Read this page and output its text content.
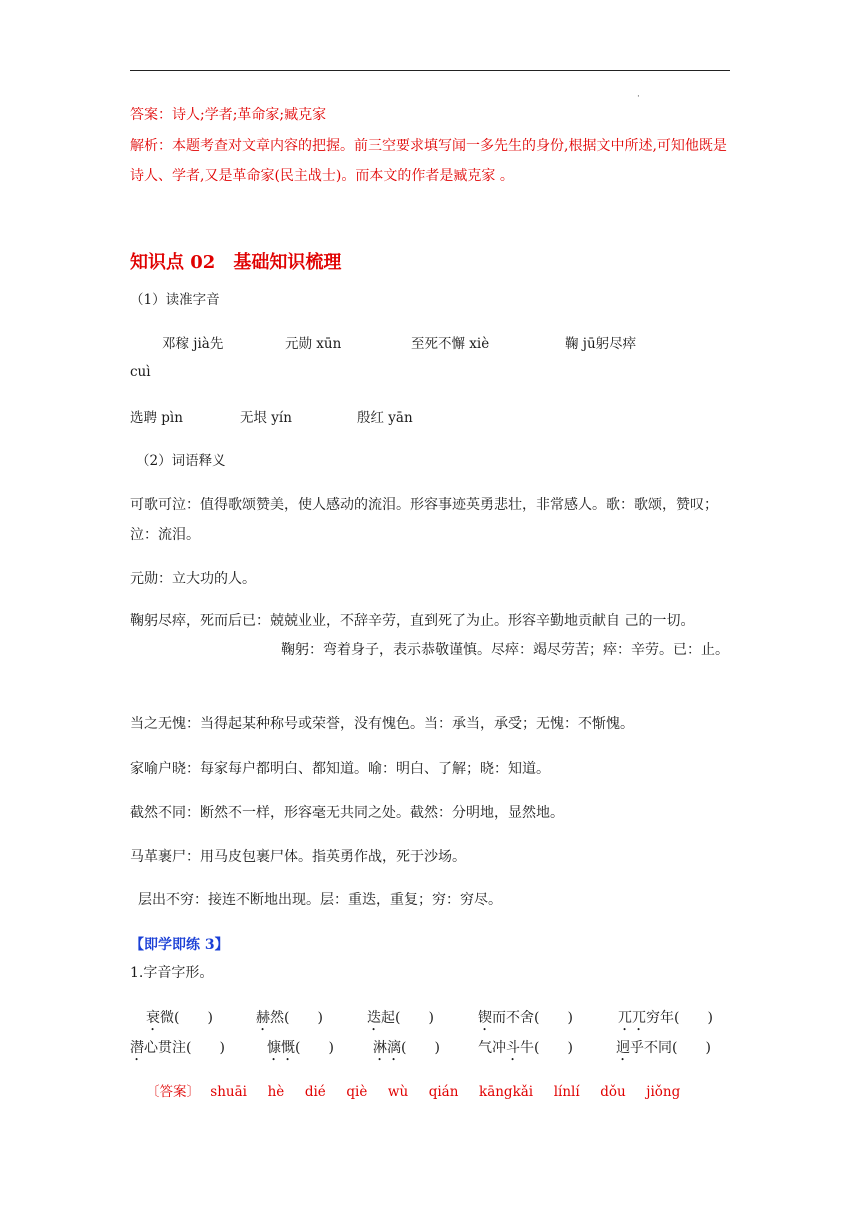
·
答案：诗人;学者;革命家;臧克家
解析：本题考查对文章内容的把握。前三空要求填写闻一多先生的身份,根据文中所述,可知他既是诗人、学者,又是革命家(民主战士)。而本文的作者是臧克家 。
知识点 02 基础知识梳理
（1）读准字音
邓稼 jià先	元勋 xūn	至死不懈 xiè	鞠 jū躬尽瘁
cuì
选聘 pìn	无垠 yín	殷红 yān
（2）词语释义
可歌可泣：值得歌颂赞美，使人感动的流泪。形容事迹英勇悲壮，非常感人。歌：歌颂，赞叹；泣：流泪。
元勋：立大功的人。
鞠躬尽瘁，死而后已：兢兢业业，不辞辛劳，直到死了为止。形容辛勤地贡献自 己的一切。
鞠躬：弯着身子，表示恭敬谨慎。尽瘁：竭尽劳苦；瘁：辛劳。已：止。
当之无愧：当得起某种称号或荣誉，没有愧色。当：承当，承受；无愧：不惭愧。
家喻户晓：每家每户都明白、都知道。喻：明白、了解；晓：知道。
截然不同：断然不一样，形容毫无共同之处。截然：分明地，显然地。
马革裹尸：用马皮包裹尸体。指英勇作战，死于沙场。
层出不穷：接连不断地出现。层：重迭，重复；穷：穷尽。
【即学即练 3】
1.字音字形。
衰微(　　)	赫然(　　)	迭起(　　)	锲而不舍(　　)	兀兀穷年(　　)
潜心贯注(　　)	慷慨(　　)	淋漓(　　)	气冲斗牛(　　)	迥乎不同(　　)
〔答案〕 shuāi  hè  dié  qiè  wù  qián  kāngkǎi  línlí  dǒu  jiǒng
